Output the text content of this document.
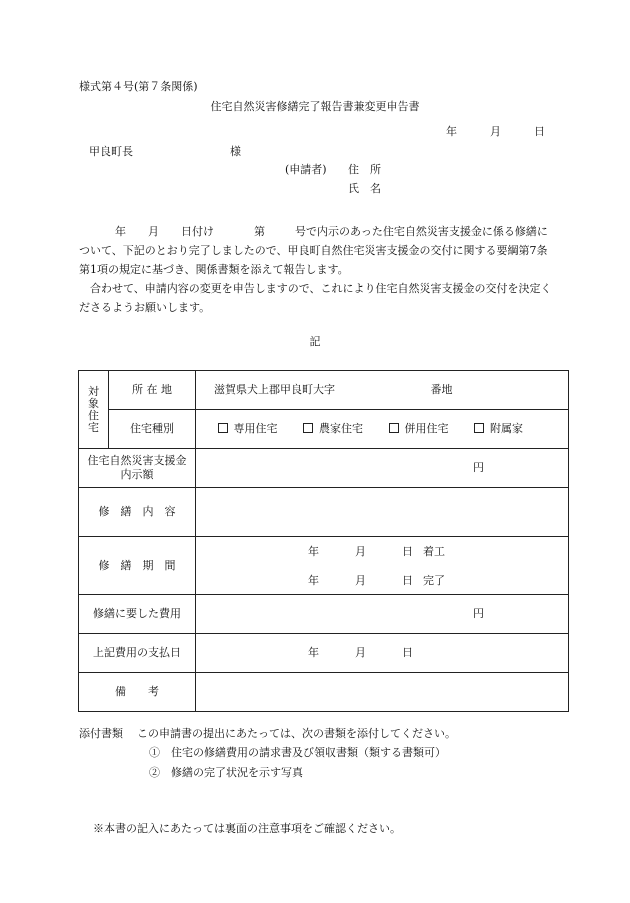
様式第４号(第７条関係)
住宅自然災害修繕完了報告書兼変更申告書
年	月	日
甲良町長	様
(申請者) 住　所
氏　名

年 月 日付け	第	号で内示のあった住宅自然災害支援金に係る修繕について、下記のとおり完了しましたので、甲良町自然住宅災害支援金の交付に関する要綱第7条第1項の規定に基づき、関係書類を添えて報告します。

合わせて、申請内容の変更を申告しますので、これにより住宅自然災害支援金の交付を決定くださるようお願いします。

記
対象住宅	所 在 地	滋賀県犬上郡甲良町大字 番地
	住宅種別	専用住宅 農家住宅 併用住宅 附属家

住宅自然災害支援金
内示額		円
修　繕　内　容		
修　繕　期　間		年 月 日 着工
年 月 日 完了

修繕に要した費用		円
上記費用の支払日		年 月 日
備　　考		
添付書類 この申請書の提出にあたっては、次の書類を添付してください。
①　住宅の修繕費用の請求書及び領収書類（類する書類可）
②　修繕の完了状況を示す写真
※本書の記入にあたっては裏面の注意事項をご確認ください。
